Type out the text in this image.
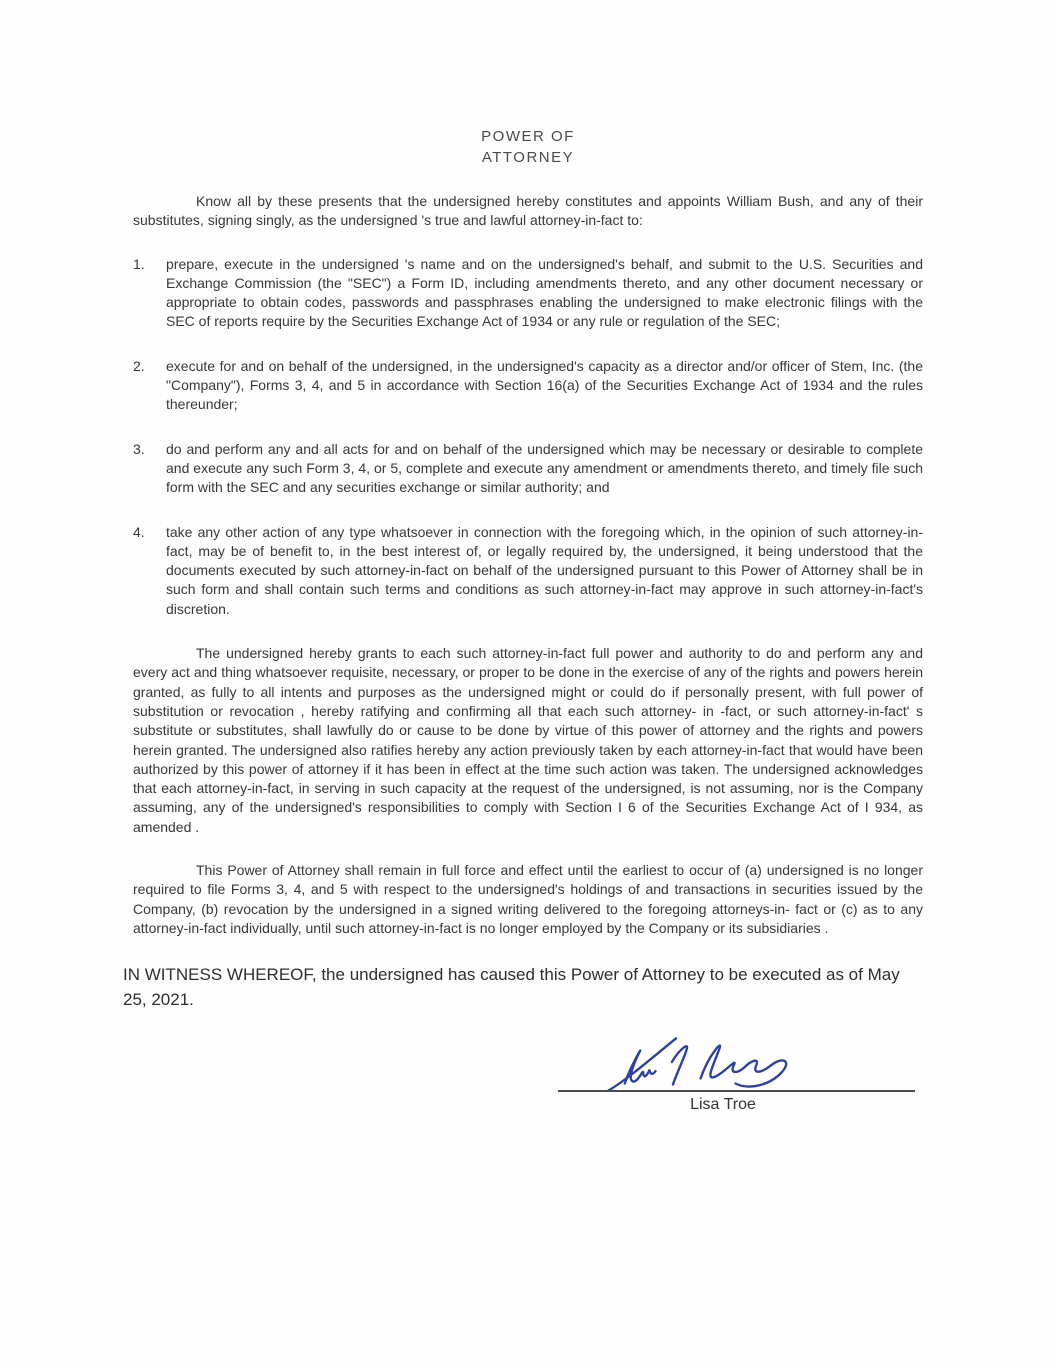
POWER OF
ATTORNEY

Know all by these presents that the undersigned hereby constitutes and appoints William Bush, and any of their substitutes, signing singly, as the undersigned 's true and lawful attorney-in-fact to:

1.	prepare, execute in the undersigned 's name and on the undersigned's behalf, and submit to the U.S. Securities and Exchange Commission (the "SEC") a Form ID, including amendments thereto, and any other document necessary or appropriate to obtain codes, passwords and passphrases enabling the undersigned to make electronic filings with the SEC of reports require by the Securities Exchange Act of 1934 or any rule or regulation of the SEC;
2.	execute for and on behalf of the undersigned, in the undersigned's capacity as a director and/or officer of Stem, Inc. (the "Company"), Forms 3, 4, and 5 in accordance with Section 16(a) of the Securities Exchange Act of 1934 and the rules thereunder;
3.	do and perform any and all acts for and on behalf of the undersigned which may be necessary or desirable to complete and execute any such Form 3, 4, or 5, complete and execute any amendment or amendments thereto, and timely file such form with the SEC and any securities exchange or similar authority; and
4.	take any other action of any type whatsoever in connection with the foregoing which, in the opinion of such attorney-in-fact, may be of benefit to, in the best interest of, or legally required by, the undersigned, it being understood that the documents executed by such attorney-in-fact on behalf of the undersigned pursuant to this Power of Attorney shall be in such form and shall contain such terms and conditions as such attorney-in-fact may approve in such attorney-in-fact's discretion.

The undersigned hereby grants to each such attorney-in-fact full power and authority to do and perform any and every act and thing whatsoever requisite, necessary, or proper to be done in the exercise of any of the rights and powers herein granted, as fully to all intents and purposes as the undersigned might or could do if personally present, with full power of substitution or revocation , hereby ratifying and confirming all that each such attorney- in -fact, or such attorney-in-fact' s substitute or substitutes, shall lawfully do or cause to be done by virtue of this power of attorney and the rights and powers herein granted. The undersigned also ratifies hereby any action previously taken by each attorney-in-fact that would have been authorized by this power of attorney if it has been in effect at the time such action was taken. The undersigned acknowledges that each attorney-in-fact, in serving in such capacity at the request of the undersigned, is not assuming, nor is the Company assuming, any of the undersigned's responsibilities to comply with Section I 6 of the Securities Exchange Act of I 934, as amended .

This Power of Attorney shall remain in full force and effect until the earliest to occur of (a) undersigned is no longer required to file Forms 3, 4, and 5 with respect to the undersigned's holdings of and transactions in securities issued by the Company, (b) revocation by the undersigned in a signed writing delivered to the foregoing attorneys-in- fact or (c) as to any attorney-in-fact individually, until such attorney-in-fact is no longer employed by the Company or its subsidiaries .

IN WITNESS WHEREOF, the undersigned has caused this Power of Attorney to be executed as of May 25, 2021.

Lisa Troe
